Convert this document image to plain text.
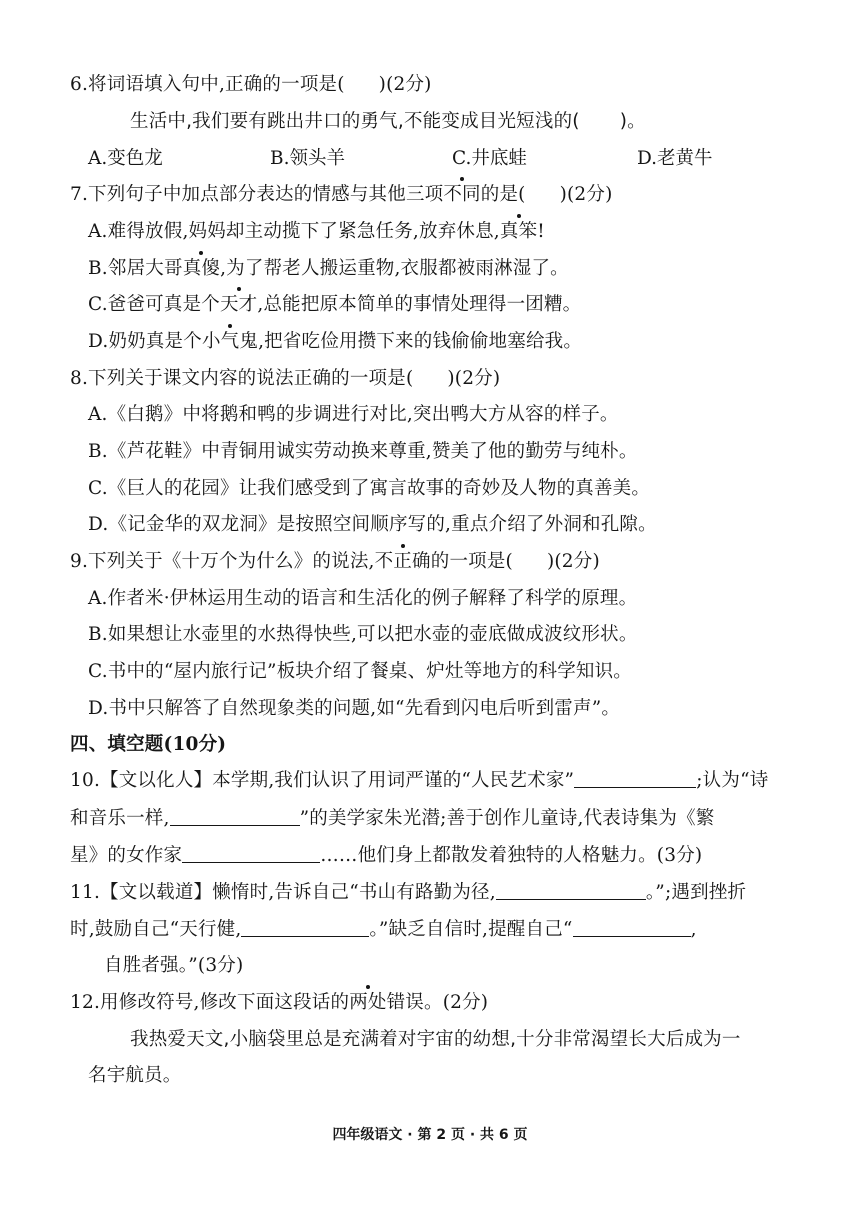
6.将词语填入句中,正确的一项是( )(2分)
生活中,我们要有跳出井口的勇气,不能变成目光短浅的( )。
A.变色龙	B.领头羊	C.井底蛙	D.老黄牛
7.下列句子中加点部分表达的情感与其他三项不同的是( )(2分)
A.难得放假,妈妈却主动揽下了紧急任务,放弃休息,真笨!
B.邻居大哥真傻,为了帮老人搬运重物,衣服都被雨淋湿了。
C.爸爸可真是个天才,总能把原本简单的事情处理得一团糟。
D.奶奶真是个小气鬼,把省吃俭用攒下来的钱偷偷地塞给我。
8.下列关于课文内容的说法正确的一项是( )(2分)
A.《白鹅》中将鹅和鸭的步调进行对比,突出鸭大方从容的样子。
B.《芦花鞋》中青铜用诚实劳动换来尊重,赞美了他的勤劳与纯朴。
C.《巨人的花园》让我们感受到了寓言故事的奇妙及人物的真善美。
D.《记金华的双龙洞》是按照空间顺序写的,重点介绍了外洞和孔隙。
9.下列关于《十万个为什么》的说法,不正确的一项是( )(2分)
A.作者米·伊林运用生动的语言和生活化的例子解释了科学的原理。
B.如果想让水壶里的水热得快些,可以把水壶的壶底做成波纹形状。
C.书中的“屋内旅行记”板块介绍了餐桌、炉灶等地方的科学知识。
D.书中只解答了自然现象类的问题,如“先看到闪电后听到雷声”。
四、填空题(10分)
10.【文以化人】本学期,我们认识了用词严谨的“人民艺术家”	;认为“诗
和音乐一样,	”的美学家朱光潜;善于创作儿童诗,代表诗集为《繁
星》的女作家	……他们身上都散发着独特的人格魅力。(3分)
11.【文以载道】懒惰时,告诉自己“书山有路勤为径,	。”;遇到挫折
时,鼓励自己“天行健,	。”缺乏自信时,提醒自己“	,
自胜者强。”(3分)
12.用修改符号,修改下面这段话的两处错误。(2分)
我热爱天文,小脑袋里总是充满着对宇宙的幼想,十分非常渴望长大后成为一
名宇航员。
四年级语文 · 第 2 页 · 共 6 页
